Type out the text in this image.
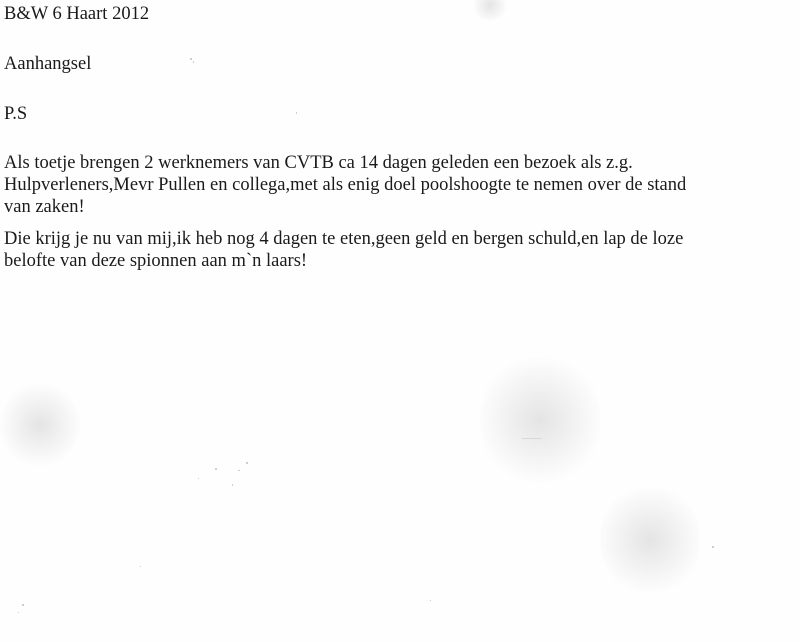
B&W 6 Haart 2012
Aanhangsel
P.S
Als toetje brengen 2 werknemers van CVTB ca 14 dagen geleden een bezoek als z.g.
Hulpverleners,Mevr Pullen en collega,met als enig doel poolshoogte te nemen over de stand
van zaken!
Die krijg je nu van mij,ik heb nog 4 dagen te eten,geen geld en bergen schuld,en lap de loze
belofte van deze spionnen aan m`n laars!
